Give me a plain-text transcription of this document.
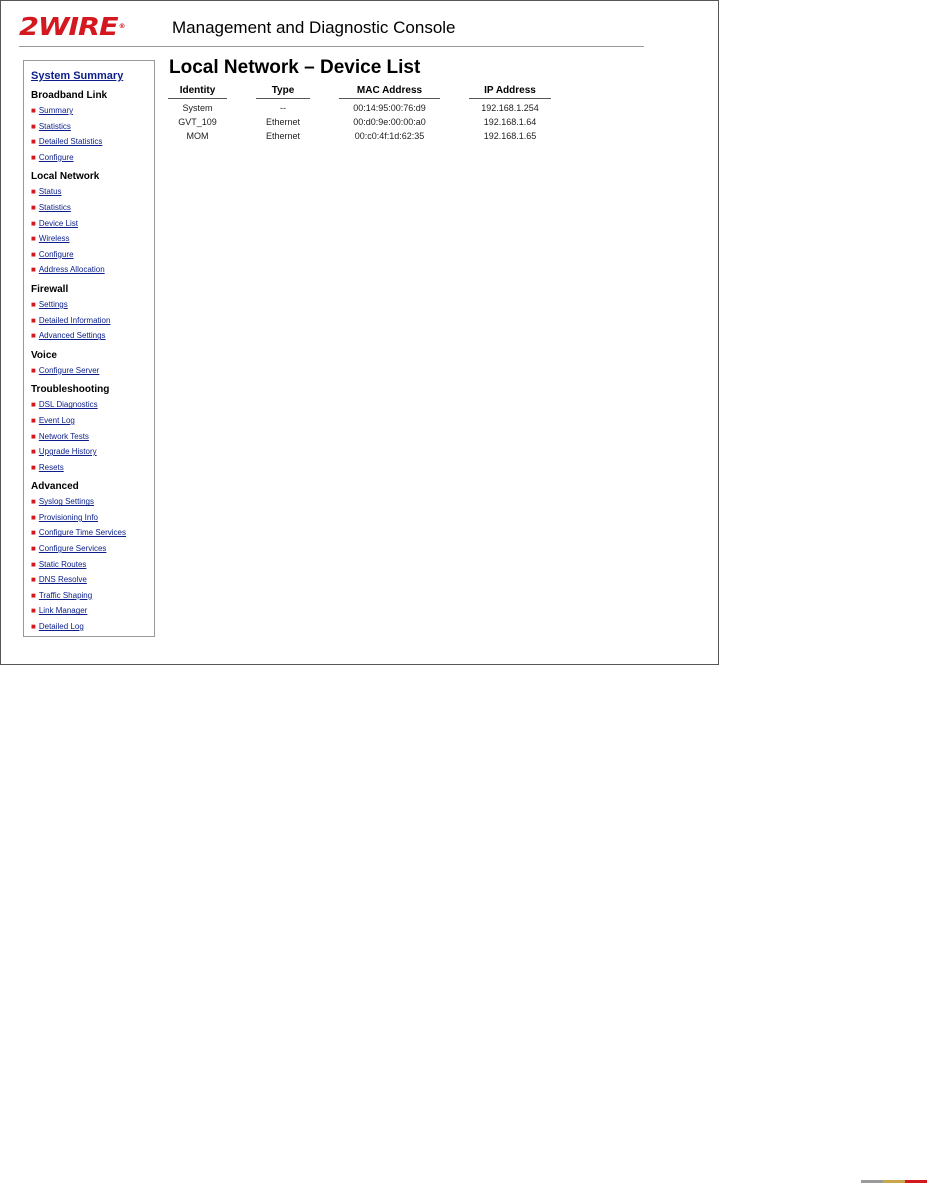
2WIRE®	Management and Diagnostic Console
System Summary
Broadband Link
■ Summary
■ Statistics
■ Detailed Statistics
■ Configure
Local Network
■ Status
■ Statistics
■ Device List
■ Wireless
■ Configure
■ Address Allocation
Firewall
■ Settings
■ Detailed Information
■ Advanced Settings
Voice
■ Configure Server
Troubleshooting
■ DSL Diagnostics
■ Event Log
■ Network Tests
■ Upgrade History
■ Resets
Advanced
■ Syslog Settings
■ Provisioning Info
■ Configure Time Services
■ Configure Services
■ Static Routes
■ DNS Resolve
■ Traffic Shaping
■ Link Manager
■ Detailed Log
Local Network – Device List
Identity	Type	MAC Address	IP Address
System	--	00:14:95:00:76:d9	192.168.1.254
GVT_109	Ethernet	00:d0:9e:00:00:a0	192.168.1.64
MOM	Ethernet	00:c0:4f:1d:62:35	192.168.1.65
